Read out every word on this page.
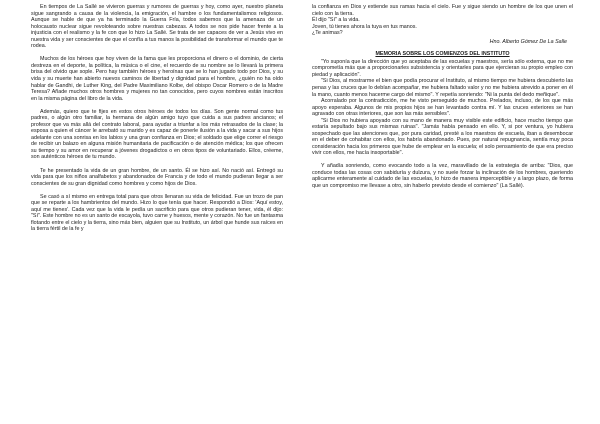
En tiempos de La Sallé se vivieron guerras y rumores de guerras y hoy, como ayer, nuestro planeta sigue sangrando a causa de la violencia, la emigración, el hambre o los fundamentalismos religiosos. Aunque se hable de que ya ha terminado la Guerra Fría, todos sabemos que la amenaza de un holocausto nuclear sigue revoloteando sobre nuestras cabezas. A todos se nos pide hacer frente a la injusticia con el realismo y la fe con que lo hizo La Sallé. Se trata de ser capaces de ver a Jesús vivo en nuestra vida y ser conscientes de que el confía a tus manos la posibilidad de transformar el mundo que te rodea.

Muchos de los héroes que hoy viven de la fama que les proporciona el dinero o el dominio, de cierta destreza en el deporte, la política, la música o el cine, el recuerdo de su nombre se lo llevará la primera brisa del olvido que sople. Pero hay también héroes y heroínas que se lo han jugado todo por Dios, y su vida y su muerte han abierto nuevos caminos de libertad y dignidad para el hombre, ¿quién no ha oído hablar de Gandhi, de Luther King, del Padre Maximiliano Kolbe, del obispo Oscar Romero o de la Madre Teresa? Añade muchos otros hombres y mujeres no tan conocidos, pero cuyos nombres están inscritos en la misma página del libro de la vida.

Además, quiero que te fijes en estos otros héroes de todos los días. Son gente normal como tus padres, o algún otro familiar, la hermana de algún amigo tuyo que cuida a sus padres ancianos; el profesor que va más allá del contrato laboral, para ayudar a triunfar a los más retrasados de la clase; la esposa a quien el cáncer le arrebató su marido y es capaz de ponerle ilusión a la vida y sacar a sus hijos adelante con una sonrisa en los labios y una gran confianza en Dios; el soldado que elige correr el riesgo de recibir un balazo en alguna misión humanitaria de pacificación o de atención médica; los que ofrecen su tiempo y su amor en recuperar a jóvenes drogadictos o en otros tipos de voluntariado. Ellos, créeme, son auténticos héroes de tu mundo.

Te he presentado la vida de un gran hombre, de un santo. Él se hizo así. No nació así. Entregó su vida para que los niños analfabetos y abandonados de Francia y de todo el mundo pudieran llegar a ser conscientes de su gran dignidad como hombres y como hijos de Dios.

Se casó a sí mismo en entrega total para que otros llenaran su vida de felicidad. Fue un trozo de pan que se reparte a los hambrientos del mundo. Hizo lo que tenía que hacer. Respondió a Dios: 'Aquí estoy, aquí me tienes'. Cada vez que la vida le pedía un sacrificio para que otros pudieran tener, vida, él dijo: "Sí". Este hombre no es un santo de escayola, tuvo carne y huesos, mente y corazón. No fue un fantasma flotando entre el cielo y la tierra, sino más bien, alguien que su Instituto, un árbol que hunde sus raíces en la tierra fértil de la fe y

la confianza en Dios y extiende sus ramas hacia el cielo. Fue y sigue siendo un hombre de los que unen el cielo con la tierra.
Él dijo "Sí" a la vida.
Joven, tú tienes ahora la tuya en tus manos.
¿Te animas?

Hno. Alberto Gómez De La Salle

MEMORIA SOBRE LOS COMIENZOS DEL INSTITUTO

"Yo suponía que la dirección que yo aceptaba de las escuelas y maestros, sería sólo externa, que no me comprometía más que a proporcionarles subsistencia y orientarles para que ejercieran su propio empleo con piedad y aplicación".

"Si Dios, al mostrarme el bien que podía procurar el Instituto, al mismo tiempo me hubiera descubierto las penas y las cruces que lo debían acompañar, me hubiera faltado valor y no me hubiera atrevido a poner en él la mano, cuanto menos hacerme cargo del mismo". Y repetía sonriendo: "Ni la punta del dedo meñique".

Acorralado por la contradicción, me he visto perseguido de muchos. Prelados, incluso, de los que más apoyo esperaba. Algunos de mis propios hijos se han levantado contra mí. Y las cruces exteriores se han agravado con otras interiores, que son las más sensibles".

"Si Dios no hubiera apoyado con su mano de manera muy visible este edificio, hace mucho tiempo que estaría sepultado bajo sus mismas ruinas". "Jamás había pensado en ello. Y, si por ventura, yo hubiera sospechado que las atenciones que, por pura caridad, presté a los maestros de escuela, iban a desembocar en el deber de cohabitar con ellos, los habría abandonado. Pues, por natural repugnancia, sentía muy poca consideración hacia los primeros que hube de emplear en la escuela; el solo pensamiento de que era preciso vivir con ellos, me hacía insoportable".

Y añadía sonriendo, como evocando todo a la vez, maravillado de la estrategia de arriba: "Dios, que conduce todas las cosas con sabiduría y dulzura, y no suele forzar la inclinación de los hombres, queriendo aplicarme enteramente al cuidado de las escuelas, lo hizo de manera imperceptible y a largo plazo, de forma que un compromiso me llevase a otro, sin haberlo previsto desde el comienzo" (La Sallé).
